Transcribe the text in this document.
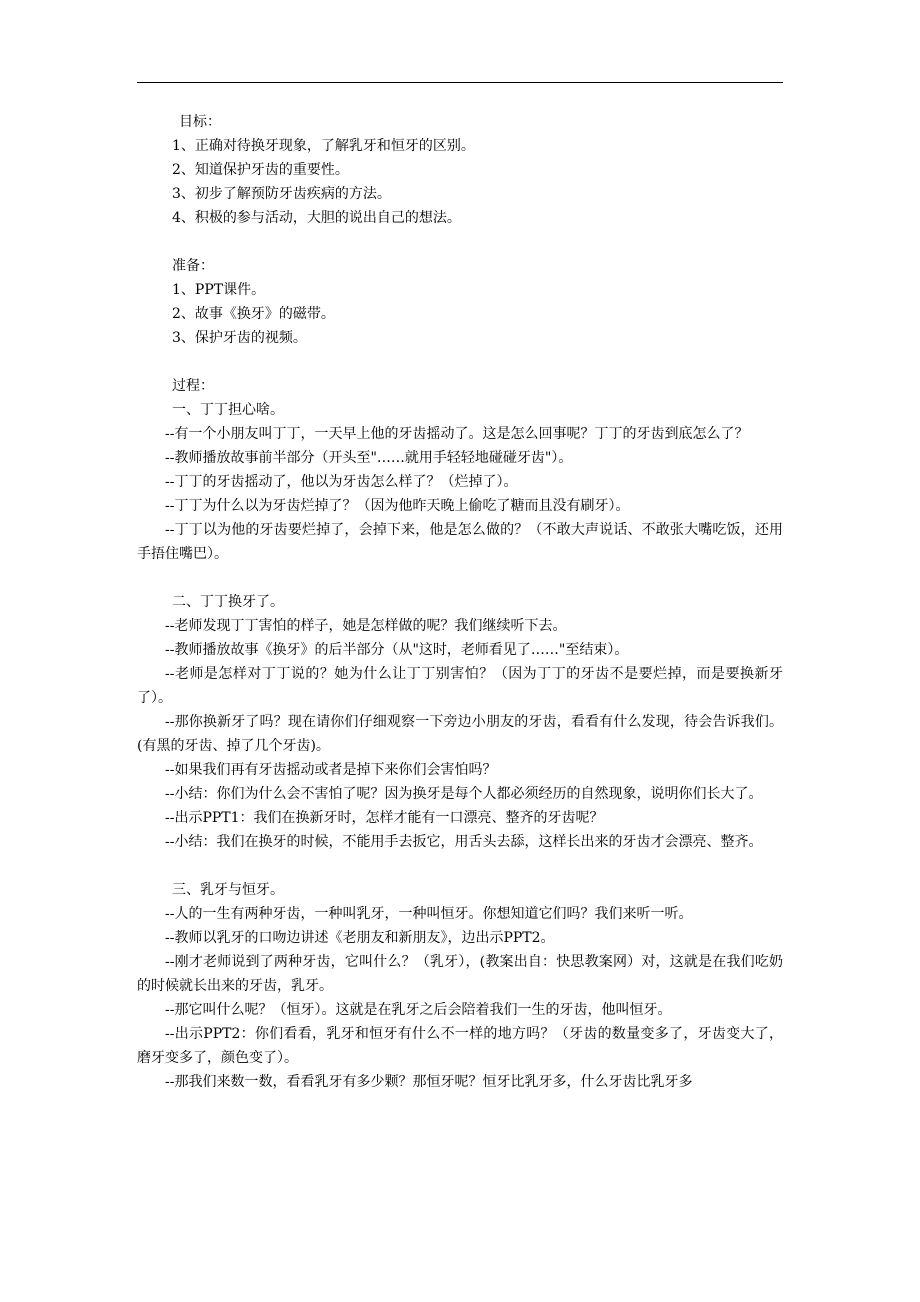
目标：

1、正确对待换牙现象，了解乳牙和恒牙的区别。

2、知道保护牙齿的重要性。

3、初步了解预防牙齿疾病的方法。

4、积极的参与活动，大胆的说出自己的想法。

准备：

1、PPT课件。

2、故事《换牙》的磁带。

3、保护牙齿的视频。

过程：

一、丁丁担心啥。

--有一个小朋友叫丁丁，一天早上他的牙齿摇动了。这是怎么回事呢？丁丁的牙齿到底怎么了？

--教师播放故事前半部分（开头至"……就用手轻轻地碰碰牙齿"）。

--丁丁的牙齿摇动了，他以为牙齿怎么样了？（烂掉了）。

--丁丁为什么以为牙齿烂掉了？（因为他昨天晚上偷吃了糖而且没有刷牙）。

--丁丁以为他的牙齿要烂掉了，会掉下来，他是怎么做的？（不敢大声说话、不敢张大嘴吃饭，还用手捂住嘴巴）。

二、丁丁换牙了。

--老师发现丁丁害怕的样子，她是怎样做的呢？我们继续听下去。

--教师播放故事《换牙》的后半部分（从"这时，老师看见了……"至结束）。

--老师是怎样对丁丁说的？她为什么让丁丁别害怕？（因为丁丁的牙齿不是要烂掉，而是要换新牙了）。

--那你换新牙了吗？现在请你们仔细观察一下旁边小朋友的牙齿，看看有什么发现，待会告诉我们。(有黑的牙齿、掉了几个牙齿)。

--如果我们再有牙齿摇动或者是掉下来你们会害怕吗？

--小结：你们为什么会不害怕了呢？因为换牙是每个人都必须经历的自然现象，说明你们长大了。

--出示PPT1：我们在换新牙时，怎样才能有一口漂亮、整齐的牙齿呢？

--小结：我们在换牙的时候，不能用手去扳它，用舌头去舔，这样长出来的牙齿才会漂亮、整齐。

三、乳牙与恒牙。

--人的一生有两种牙齿，一种叫乳牙，一种叫恒牙。你想知道它们吗？我们来听一听。

--教师以乳牙的口吻边讲述《老朋友和新朋友》，边出示PPT2。

--刚才老师说到了两种牙齿，它叫什么？（乳牙），(教案出自：快思教案网）对，这就是在我们吃奶的时候就长出来的牙齿，乳牙。

--那它叫什么呢？（恒牙）。这就是在乳牙之后会陪着我们一生的牙齿，他叫恒牙。

--出示PPT2：你们看看，乳牙和恒牙有什么不一样的地方吗？（牙齿的数量变多了，牙齿变大了，磨牙变多了，颜色变了）。

--那我们来数一数，看看乳牙有多少颗？那恒牙呢？恒牙比乳牙多，什么牙齿比乳牙多
